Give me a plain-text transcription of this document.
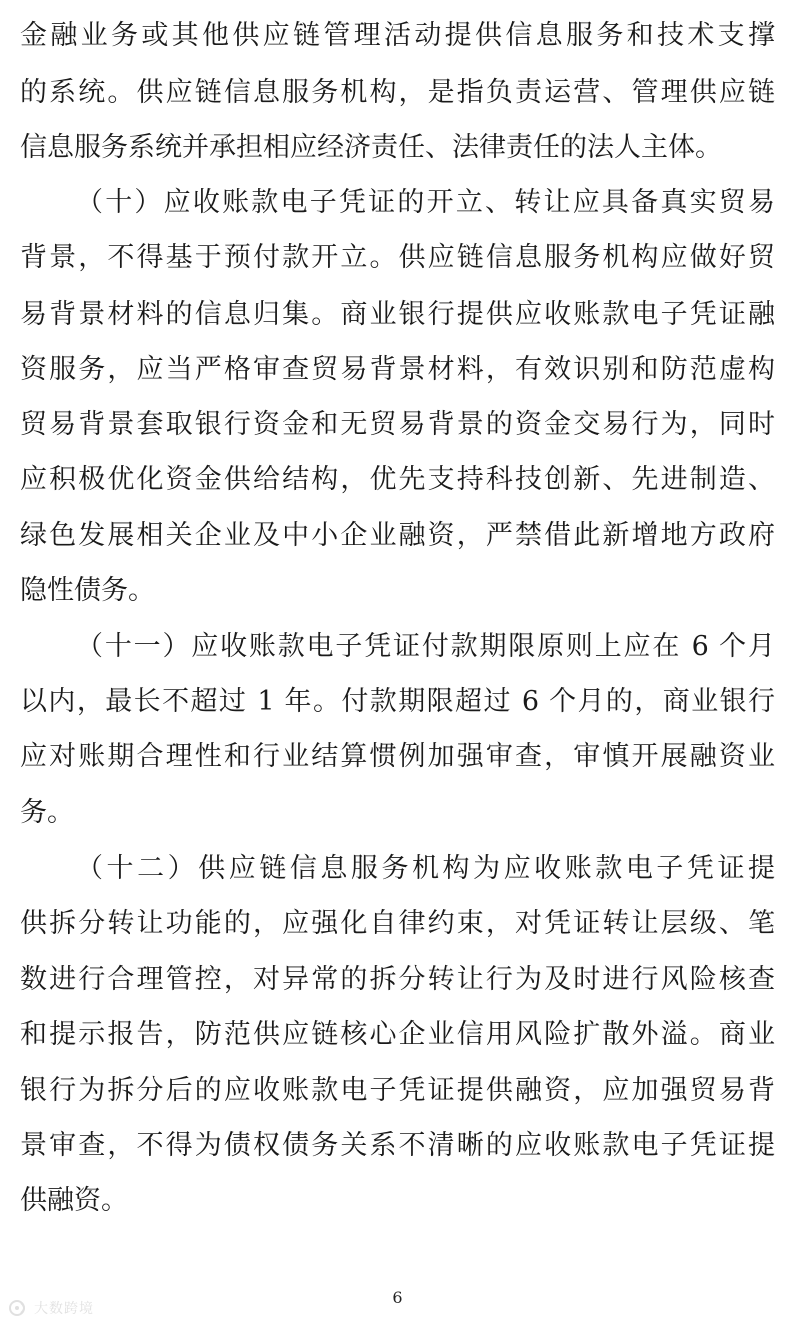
金融业务或其他供应链管理活动提供信息服务和技术支撑
的系统。供应链信息服务机构，是指负责运营、管理供应链
信息服务系统并承担相应经济责任、法律责任的法人主体。
（十）应收账款电子凭证的开立、转让应具备真实贸易
背景，不得基于预付款开立。供应链信息服务机构应做好贸
易背景材料的信息归集。商业银行提供应收账款电子凭证融
资服务，应当严格审查贸易背景材料，有效识别和防范虚构
贸易背景套取银行资金和无贸易背景的资金交易行为，同时
应积极优化资金供给结构，优先支持科技创新、先进制造、
绿色发展相关企业及中小企业融资，严禁借此新增地方政府
隐性债务。
（十一）应收账款电子凭证付款期限原则上应在 6 个月
以内，最长不超过 1 年。付款期限超过 6 个月的，商业银行
应对账期合理性和行业结算惯例加强审查，审慎开展融资业
务。
（十二）供应链信息服务机构为应收账款电子凭证提
供拆分转让功能的，应强化自律约束，对凭证转让层级、笔
数进行合理管控，对异常的拆分转让行为及时进行风险核查
和提示报告，防范供应链核心企业信用风险扩散外溢。商业
银行为拆分后的应收账款电子凭证提供融资，应加强贸易背
景审查，不得为债权债务关系不清晰的应收账款电子凭证提
供融资。
6
大数跨境
